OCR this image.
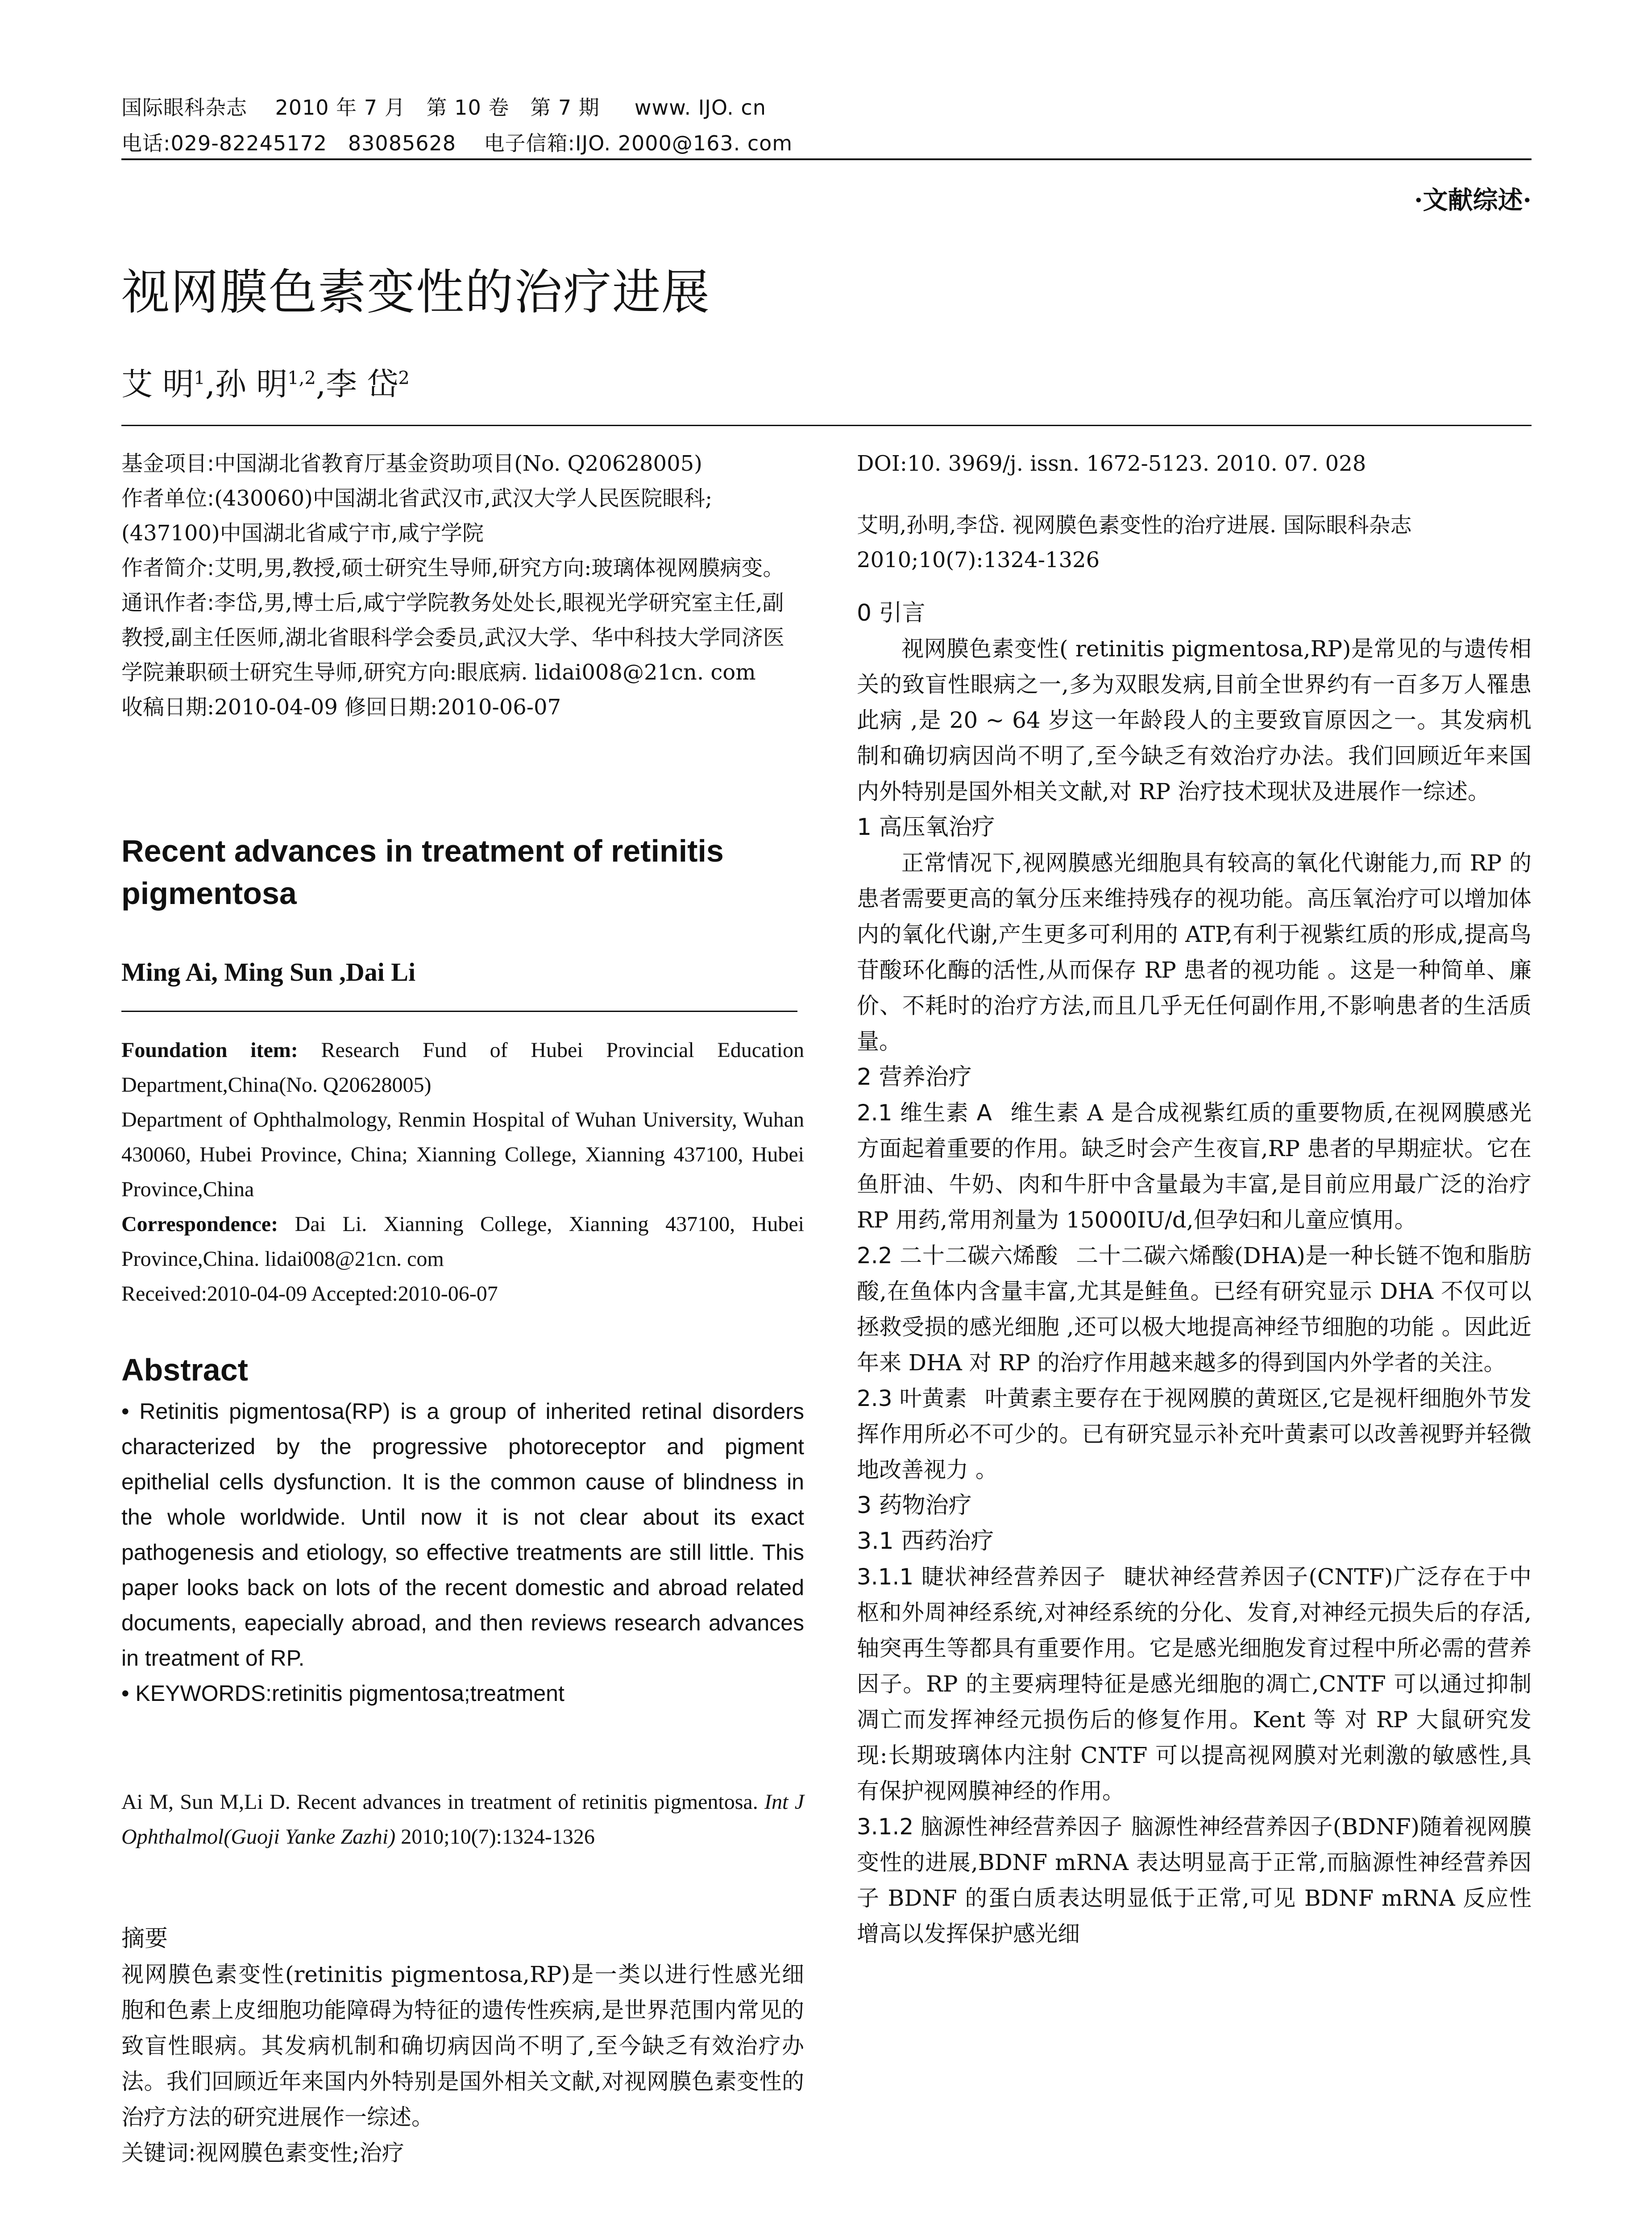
国际眼科杂志    2010 年 7 月   第 10 卷   第 7 期     www. IJO. cn
电话:029-82245172   83085628    电子信箱:IJO. 2000@163. com
·文献综述·
视网膜色素变性的治疗进展
艾 明$^1$,孙 明$^{1,2}$,李 岱$^2$

基金项目:中国湖北省教育厅基金资助项目(No. Q20628005)

作者单位:(430060)中国湖北省武汉市,武汉大学人民医院眼科;(437100)中国湖北省咸宁市,咸宁学院

作者简介:艾明,男,教授,硕士研究生导师,研究方向:玻璃体视网膜病变。

通讯作者:李岱,男,博士后,咸宁学院教务处处长,眼视光学研究室主任,副教授,副主任医师,湖北省眼科学会委员,武汉大学、华中科技大学同济医学院兼职硕士研究生导师,研究方向:眼底病. lidai008@21cn. com

收稿日期:2010-04-09 修回日期:2010-06-07

Recent advances in treatment of retinitis pigmentosa

Ming Ai, Ming Sun ,Dai Li

Foundation item: Research Fund of Hubei Provincial Education Department,China(No. Q20628005)

Department of Ophthalmology, Renmin Hospital of Wuhan University, Wuhan 430060, Hubei Province, China; Xianning College, Xianning 437100, Hubei Province,China

Correspondence: Dai Li. Xianning College, Xianning 437100, Hubei Province,China. lidai008@21cn. com

Received:2010-04-09 Accepted:2010-06-07

Abstract

• Retinitis pigmentosa(RP) is a group of inherited retinal disorders characterized by the progressive photoreceptor and pigment epithelial cells dysfunction. It is the common cause of blindness in the whole worldwide. Until now it is not clear about its exact pathogenesis and etiology, so effective treatments are still little. This paper looks back on lots of the recent domestic and abroad related documents, eapecially abroad, and then reviews research advances in treatment of RP.

• KEYWORDS:retinitis pigmentosa;treatment

Ai M, Sun M,Li D. Recent advances in treatment of retinitis pigmentosa. Int J Ophthalmol(Guoji Yanke Zazhi) 2010;10(7):1324-1326

摘要

视网膜色素变性(retinitis pigmentosa,RP)是一类以进行性感光细胞和色素上皮细胞功能障碍为特征的遗传性疾病,是世界范围内常见的致盲性眼病。其发病机制和确切病因尚不明了,至今缺乏有效治疗办法。我们回顾近年来国内外特别是国外相关文献,对视网膜色素变性的治疗方法的研究进展作一综述。

关键词:视网膜色素变性;治疗

DOI:10. 3969/j. issn. 1672-5123. 2010. 07. 028

艾明,孙明,李岱. 视网膜色素变性的治疗进展. 国际眼科杂志 2010;10(7):1324-1326

0 引言

视网膜色素变性( retinitis pigmentosa,RP)是常见的与遗传相关的致盲性眼病之一,多为双眼发病,目前全世界约有一百多万人罹患此病 ,是 20 ~ 64 岁这一年龄段人的主要致盲原因之一。其发病机制和确切病因尚不明了,至今缺乏有效治疗办法。我们回顾近年来国内外特别是国外相关文献,对 RP 治疗技术现状及进展作一综述。

1 高压氧治疗

正常情况下,视网膜感光细胞具有较高的氧化代谢能力,而 RP 的患者需要更高的氧分压来维持残存的视功能。高压氧治疗可以增加体内的氧化代谢,产生更多可利用的 ATP,有利于视紫红质的形成,提高鸟苷酸环化酶的活性,从而保存 RP 患者的视功能 。这是一种简单、廉价、不耗时的治疗方法,而且几乎无任何副作用,不影响患者的生活质量。

2 营养治疗

2.1 维生素 A 维生素 A 是合成视紫红质的重要物质,在视网膜感光方面起着重要的作用。缺乏时会产生夜盲,RP 患者的早期症状。它在鱼肝油、牛奶、肉和牛肝中含量最为丰富,是目前应用最广泛的治疗 RP 用药,常用剂量为 15000IU/d,但孕妇和儿童应慎用。

2.2 二十二碳六烯酸 二十二碳六烯酸(DHA)是一种长链不饱和脂肪酸,在鱼体内含量丰富,尤其是鲑鱼。已经有研究显示 DHA 不仅可以拯救受损的感光细胞 ,还可以极大地提高神经节细胞的功能 。因此近年来 DHA 对 RP 的治疗作用越来越多的得到国内外学者的关注。

2.3 叶黄素 叶黄素主要存在于视网膜的黄斑区,它是视杆细胞外节发挥作用所必不可少的。已有研究显示补充叶黄素可以改善视野并轻微地改善视力 。

3 药物治疗

3.1 西药治疗

3.1.1 睫状神经营养因子 睫状神经营养因子(CNTF)广泛存在于中枢和外周神经系统,对神经系统的分化、发育,对神经元损失后的存活,轴突再生等都具有重要作用。它是感光细胞发育过程中所必需的营养因子。RP 的主要病理特征是感光细胞的凋亡,CNTF 可以通过抑制凋亡而发挥神经元损伤后的修复作用。Kent 等 对 RP 大鼠研究发现:长期玻璃体内注射 CNTF 可以提高视网膜对光刺激的敏感性,具有保护视网膜神经的作用。

3.1.2 脑源性神经营养因子 脑源性神经营养因子(BDNF)随着视网膜变性的进展,BDNF mRNA 表达明显高于正常,而脑源性神经营养因子 BDNF 的蛋白质表达明显低于正常,可见 BDNF mRNA 反应性增高以发挥保护感光细
